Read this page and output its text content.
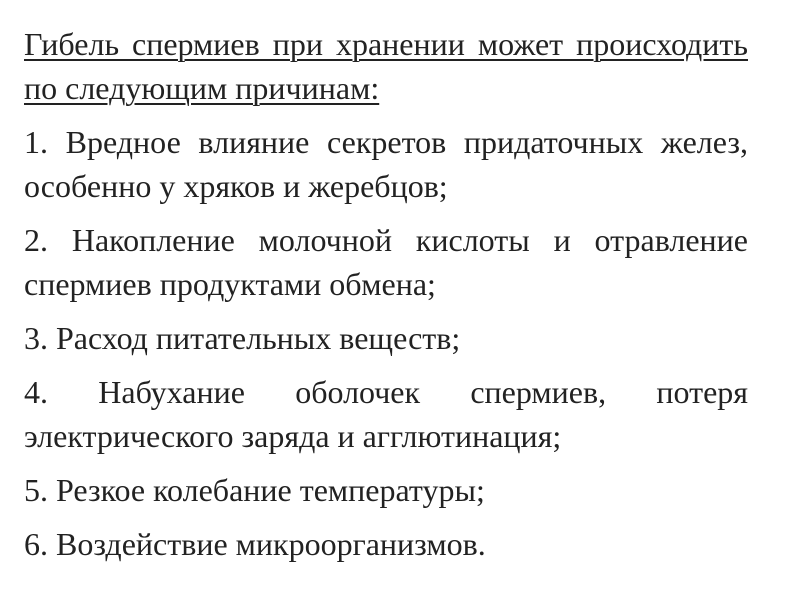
Гибель спермиев при хранении может происходить по следующим причинам:

1. Вредное влияние секретов придаточных желез, особенно у хряков и жеребцов;

2. Накопление молочной кислоты и отравление спермиев продуктами обмена;

3. Расход питательных веществ;

4. Набухание оболочек спермиев, потеря электрического заряда и агглютинация;

5. Резкое колебание температуры;

6. Воздействие микроорганизмов.
